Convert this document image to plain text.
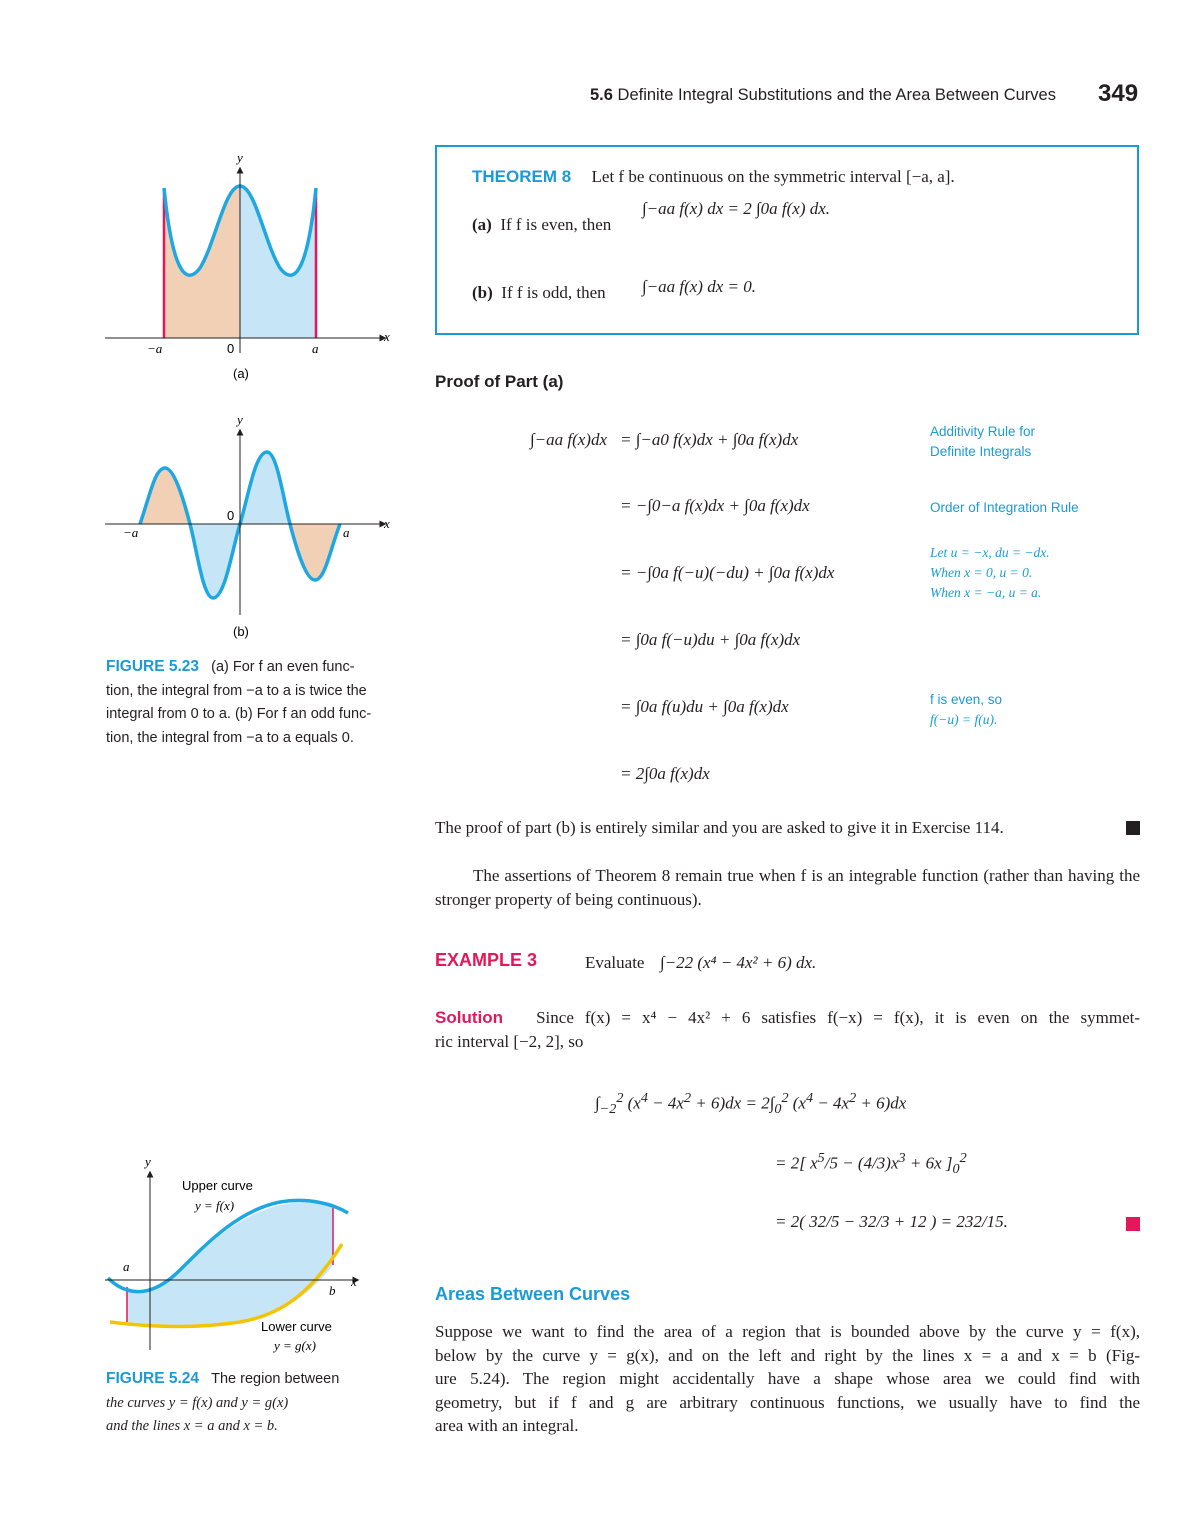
5.6 Definite Integral Substitutions and the Area Between Curves 349
y
x
−a	0	a
(a)
y
x
−a
0
a
(b)
FIGURE 5.23 (a) For f an even func-
tion, the integral from −a to a is twice the
integral from 0 to a. (b) For f an odd func-
tion, the integral from −a to a equals 0.
y
x
a
b
Upper curve
y = f(x)
Lower curve
y = g(x)
FIGURE 5.24 The region between
the curves y = f(x) and y = g(x)
and the lines x = a and x = b.
THEOREM 8 Let f be continuous on the symmetric interval [−a, a].
(a) If f is even, then
∫−aa f(x) dx = 2 ∫0a f(x) dx.
(b) If f is odd, then ∫−aa f(x) dx = 0.
Proof of Part (a)
∫−aa f(x)dx = ∫−a0 f(x)dx + ∫0a f(x)dx
= −∫0−a f(x)dx + ∫0a f(x)dx
= −∫0a f(−u)(−du) + ∫0a f(x)dx
= ∫0a f(−u)du + ∫0a f(x)dx
= ∫0a f(u)du + ∫0a f(x)dx
= 2∫0a f(x)dx
Additivity Rule for
Definite Integrals
Order of Integration Rule
Let u = −x, du = −dx.
When x = 0, u = 0.
When x = −a, u = a.
f is even, so
f(−u) = f(u).
The proof of part (b) is entirely similar and you are asked to give it in Exercise 114.
The assertions of Theorem 8 remain true when f is an integrable function (rather than having the stronger property of being continuous).
EXAMPLE 3	Evaluate ∫−22 (x⁴ − 4x² + 6) dx.
Solution Since f(x) = x⁴ − 4x² + 6 satisfies f(−x) = f(x), it is even on the symmet-
ric interval [−2, 2], so
$\int_{-2}^2$ $(x^4 - 4x^2 + 6)dx = 2\int_0^2$ $(x^4 - 4x^2 + 6)dx$
= 2[ $x^5/5 - (4/3)x^3 + 6x$ ]$_0^2$
= 2( 32/5 − 32/3 + 12 ) = 232/15.
Areas Between Curves
Suppose we want to find the area of a region that is bounded above by the curve y = f(x),
below by the curve y = g(x), and on the left and right by the lines x = a and x = b (Fig-
ure 5.24). The region might accidentally have a shape whose area we could find with
geometry, but if f and g are arbitrary continuous functions, we usually have to find the
area with an integral.
